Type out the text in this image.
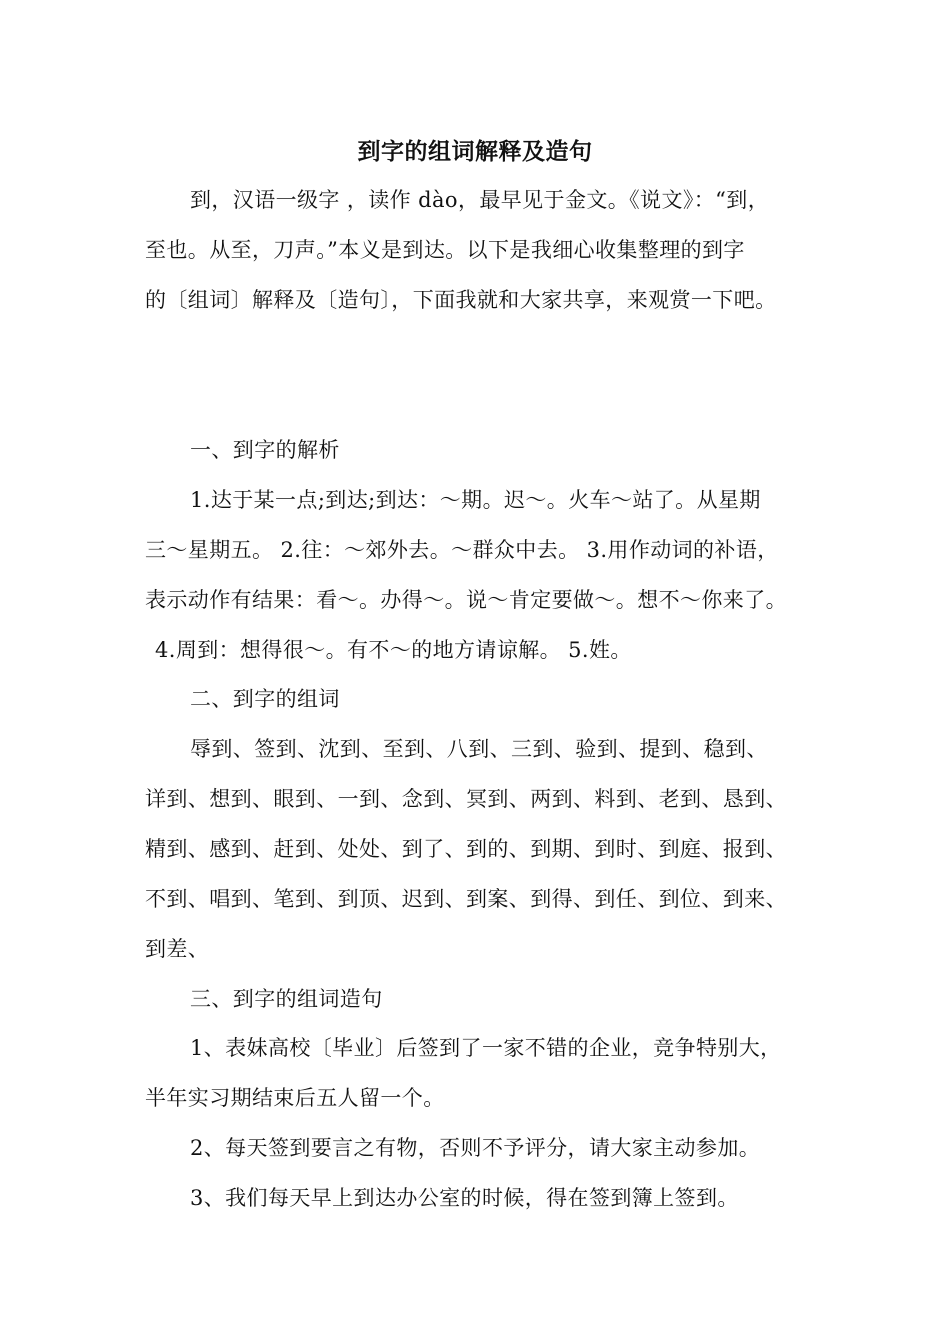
到字的组词解释及造句
到，汉语一级字 ，读作 dào，最早见于金文。《说文》：“到，
至也。从至，刀声。”本义是到达。以下是我细心收集整理的到字
的〔组词〕解释及〔造句〕，下面我就和大家共享，来观赏一下吧。
一、到字的解析
1.达于某一点;到达;到达：～期。迟～。火车～站了。从星期
三～星期五。 2.往：～郊外去。～群众中去。 3.用作动词的补语，
表示动作有结果：看～。办得～。说～肯定要做～。想不～你来了。
4.周到：想得很～。有不～的地方请谅解。 5.姓。
二、到字的组词
辱到、签到、沈到、至到、八到、三到、验到、提到、稳到、
详到、想到、眼到、一到、念到、冥到、两到、料到、老到、恳到、
精到、感到、赶到、处处、到了、到的、到期、到时、到庭、报到、
不到、唱到、笔到、到顶、迟到、到案、到得、到任、到位、到来、
到差、
三、到字的组词造句
1、表妹高校〔毕业〕后签到了一家不错的企业，竞争特别大，
半年实习期结束后五人留一个。
2、每天签到要言之有物，否则不予评分，请大家主动参加。
3、我们每天早上到达办公室的时候，得在签到簿上签到。
